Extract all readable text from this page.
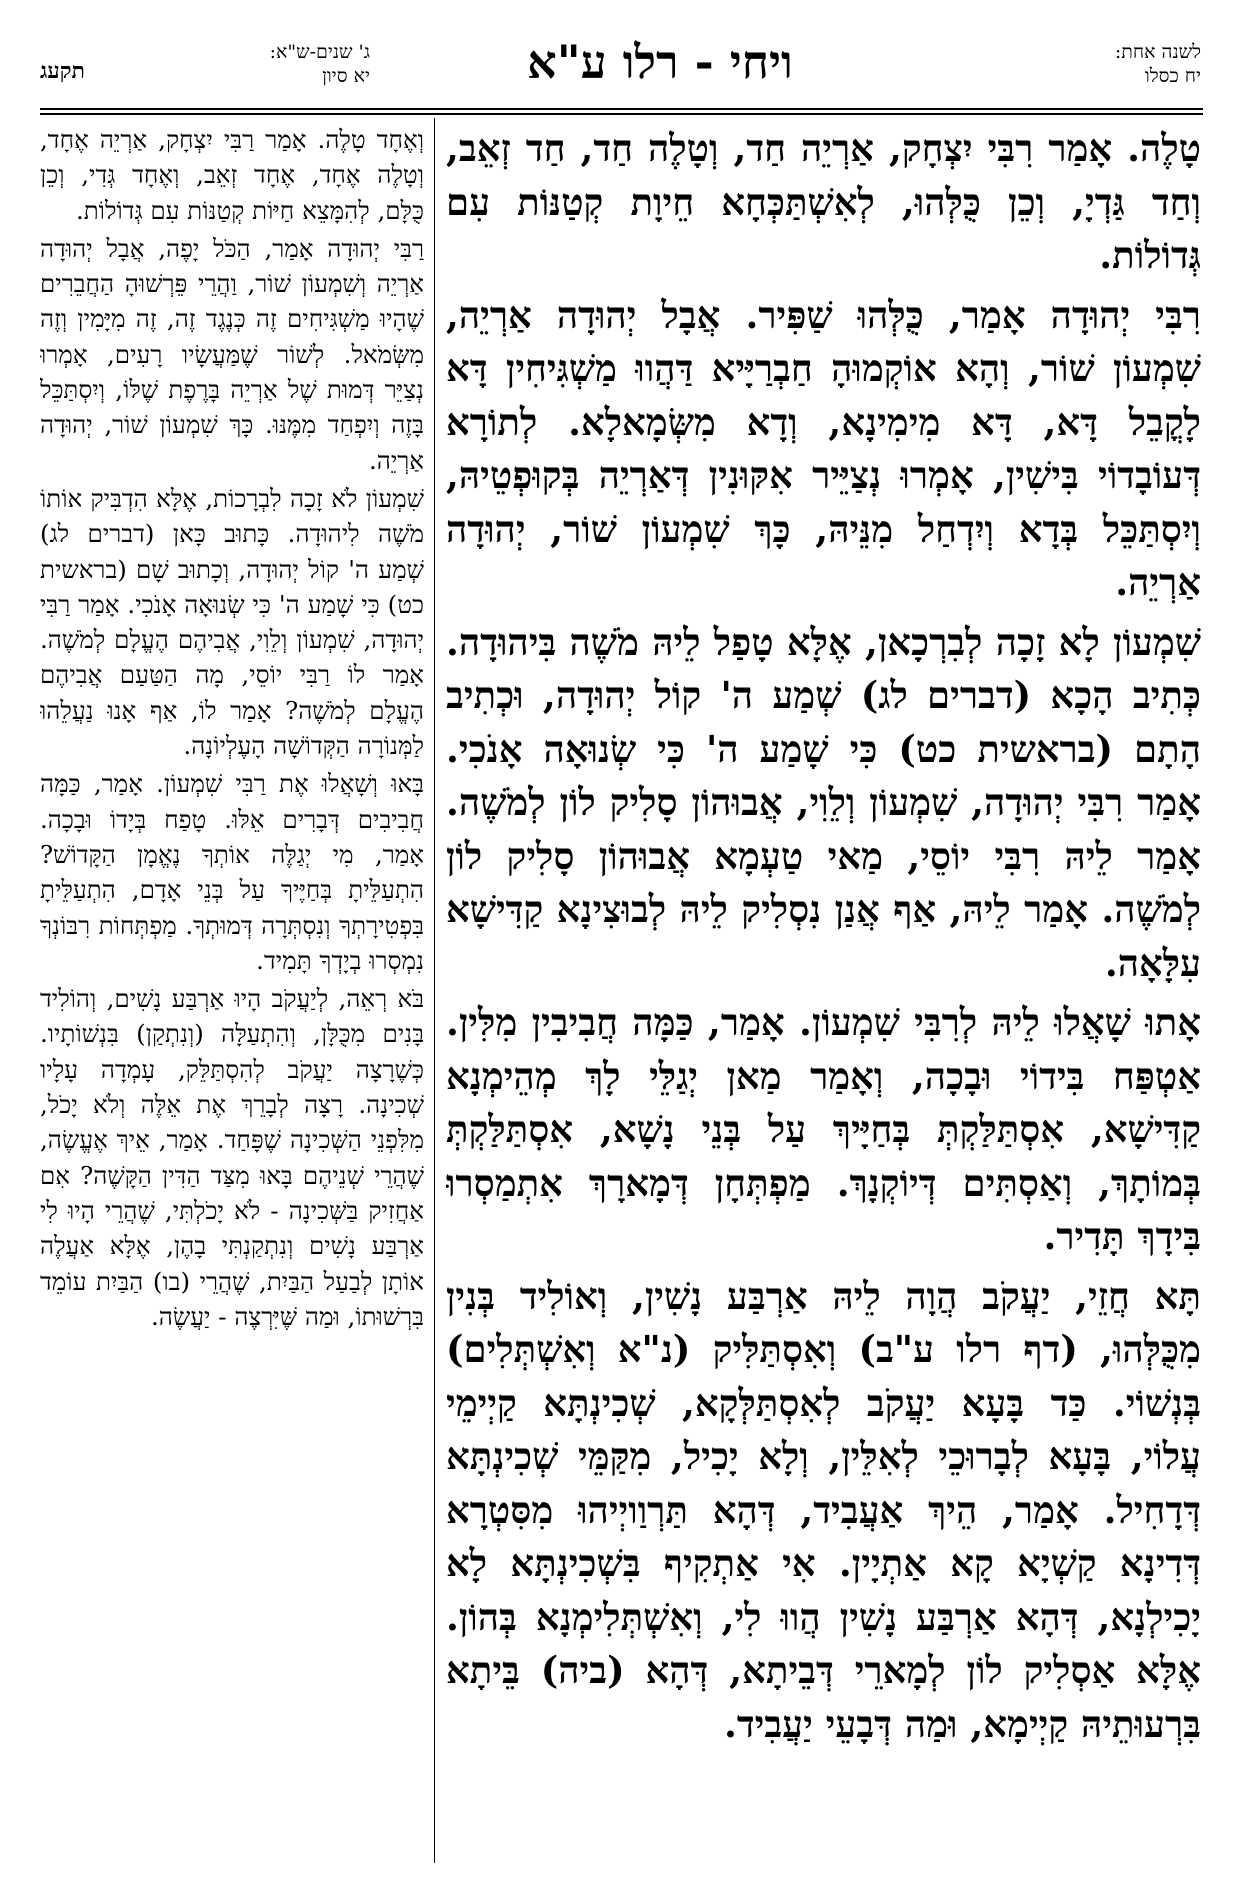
לשנה אחת:
יח כסלו
ויחי - רלו ע"א
תקעג
ג' שנים-ש"א:
יא סיון

טָלֶה. אָמַר רִבִּי יִצְחָק, אַרְיֵה חַד, וְטָלֶה חַד, חַד זְאֵב, וְחַד גַּדְיָ, וְכֵן כֻּלְּהוּ, לְאִשְׁתַּכְּחָא חֵיוָת קְטַנּוֹת עִם גְּדוֹלוֹת.

רִבִּי יְהוּדָה אָמַר, כֻּלְּהוּ שַׁפִּיר. אֲבָל יְהוּדָה אַרְיֵה, שִׁמְעוֹן שׁוֹר, וְהָא אוֹקְמוּהָ חַבְרַיָּיא דַּהֲווּ מַשְׁגִּיחִין דָּא לָקֳבֵל דָּא, דָּא מִימִינָא, וְדָא מִשְּׂמָאלָא. לְתוֹרָא דְּעוֹבָדוֹי בִּישִׁין, אָמְרוּ נְצַיֵּיר אִקּוּנִין דְּאַרְיֵה בְּקוּפְטֵיהּ, וְיִסְתַּכֵּל בְּדָא וְיִדְחַל מִנֵּיהּ, כָּךְ שִׁמְעוֹן שׁוֹר, יְהוּדָה אַרְיֵה.

שִׁמְעוֹן לָא זָכָה לְבִרְכָאן, אֶלָּא טָפַל לֵיהּ מֹשֶׁה בִּיהוּדָה. כְּתִיב הָכָא (דברים לג) שְׁמַע ה' קוֹל יְהוּדָה, וּכְתִיב הָתָם (בראשית כט) כִּי שָׁמַע ה' כִּי שְׂנוּאָה אָנֹכִי. אָמַר רִבִּי יְהוּדָה, שִׁמְעוֹן וְלֵוִי, אֲבוּהוֹן סָלִיק לוֹן לְמֹשֶׁה. אָמַר לֵיהּ רִבִּי יוֹסֵי, מַאי טַעְמָא אֲבוּהוֹן סָלִיק לוֹן לְמֹשֶׁה. אָמַר לֵיהּ, אַף אֲנַן נִסְלִיק לֵיהּ לְבוּצִינָא קַדִּישָׁא עִלָּאָה.

אָתוּ שָׁאֲלוּ לֵיהּ לְרִבִּי שִׁמְעוֹן. אָמַר, כַּמָּה חֲבִיבִין מִלִּין. אַטְפַּח בִּידוֹי וּבָכָה, וְאָמַר מַאן יְגַלֵּי לָךְ מְהֵימְנָא קַדִּישָׁא, אִסְתַּלַּקְתְּ בְּחַיָּיךְ עַל בְּנֵי נָשָׁא, אִסְתַּלַּקְתְּ בְּמוֹתָךְ, וְאַסְתִּים דְּיוֹקְנָךְ. מַפְתְּחָן דְּמָארָךְ אִתְמַסְרוּ בִּידָךְ תָּדִיר.

תָּא חֲזֵי, יַעֲקֹב הֲוָה לֵיהּ אַרְבַּע נָשִׁין, וְאוֹלִיד בְּנִין מִכֻּלְּהוּ, (דף רלו ע"ב) וְאִסְתַּלִּיק (נ"א וְאִשְׁתְּלִים) בְּנְשׁוֹי. כַּד בָּעָא יַעֲקֹב לְאִסְתַּלְּקָא, שְׁכִינְתָּא קַיְימֵי עֲלוֹי, בָּעָא לְבָרוּכֵי לְאִלֵּין, וְלָא יָכִיל, מִקַּמֵּי שְׁכִינְתָּא דְּדָחִיל. אָמַר, הֵיךְ אַעֲבִיד, דְּהָא תַּרְוַויְיהוּ מִסִּטְרָא דְּדִינָא קַשְׁיָא קָא אַתְיָין. אִי אַתְקִיף בִּשְׁכִינְתָּא לָא יָכִילְנָא, דְּהָא אַרְבַּע נָשִׁין הֲווּ לִי, וְאִשְׁתְּלִימְנָא בְּהוֹן. אֶלָּא אַסְלִיק לוֹן לְמָארֵי דְּבֵיתָא, דְּהָא (ביה) בֵּיתָא בִּרְעוּתֵיהּ קַיְימָא, וּמַה דְּבָעֵי יַעֲבִיד.

וְאֶחָד טָלֶה. אָמַר רַבִּי יִצְחָק, אַרְיֵה אֶחָד, וְטָלֶה אֶחָד, אֶחָד זְאֵב, וְאֶחָד גְּדִי, וְכֵן כֻּלָּם, לְהִמָּצֵא חַיּוֹת קְטַנּוֹת עִם גְּדוֹלוֹת.

רַבִּי יְהוּדָה אָמַר, הַכֹּל יָפֶה, אֲבָל יְהוּדָה אַרְיֵה וְשִׁמְעוֹן שׁוֹר, וַהֲרֵי פֵּרְשׁוּהָ הַחֲבֵרִים שֶׁהָיוּ מַשְׁגִּיחִים זֶה כְּנֶגֶד זֶה, זֶה מִיָּמִין וְזֶה מִשְּׂמֹאל. לְשׁוֹר שֶׁמַּעֲשָׂיו רָעִים, אָמְרוּ נְצַיֵּר דְּמוּת שֶׁל אַרְיֵה בָּרֶפֶת שֶׁלּוֹ, וְיִסְתַּכֵּל בָּזֶה וְיִפְחַד מִמֶּנּוּ. כָּךְ שִׁמְעוֹן שׁוֹר, יְהוּדָה אַרְיֵה.

שִׁמְעוֹן לֹא זָכָה לִבְרָכוֹת, אֶלָּא הִדְבִּיק אוֹתוֹ מֹשֶׁה לִיהוּדָה. כָּתוּב כָּאן (דברים לג) שְׁמַע ה' קוֹל יְהוּדָה, וְכָתוּב שָׁם (בראשית כט) כִּי שָׁמַע ה' כִּי שְׂנוּאָה אָנֹכִי. אָמַר רַבִּי יְהוּדָה, שִׁמְעוֹן וְלֵוִי, אֲבִיהֶם הֶעֱלָם לְמֹשֶׁה. אָמַר לוֹ רַבִּי יוֹסֵי, מָה הַטַּעַם אֲבִיהֶם הֶעֱלָם לְמֹשֶׁה? אָמַר לוֹ, אַף אָנוּ נַעֲלֵהוּ לַמְּנוֹרָה הַקְּדוֹשָׁה הָעֶלְיוֹנָה.

בָּאוּ וְשָׁאֲלוּ אֶת רַבִּי שִׁמְעוֹן. אָמַר, כַּמָּה חֲבִיבִים דְּבָרִים אֵלּוּ. טָפַח בְּיָדוֹ וּבָכָה. אָמַר, מִי יְגַלֶּה אוֹתְךָ נֶאֱמָן הַקָּדוֹשׁ? הִתְעַלֵּיתָ בְּחַיֶּיךָ עַל בְּנֵי אָדָם, הִתְעַלֵּיתָ בִּפְטִירָתְךָ וְנִסְתְּרָה דְּמוּתְךָ. מַפְתְּחוֹת רִבּוֹנְךָ נִמְסְרוּ בְיָדְךָ תָּמִיד.

בֹּא רְאֵה, לְיַעֲקֹב הָיוּ אַרְבַּע נָשִׁים, וְהוֹלִיד בָּנִים מִכֻּלָּן, וְהִתְעַלָּה (וְנִתְקַן) בִּנְשׁוֹתָיו. כְּשֶׁרָצָה יַעֲקֹב לְהִסְתַּלֵּק, עָמְדָה עָלָיו שְׁכִינָה. רָצָה לְבָרֵךְ אֶת אֵלֶּה וְלֹא יָכֹל, מִלִּפְנֵי הַשְּׁכִינָה שֶׁפָּחַד. אָמַר, אֵיךְ אֶעֱשֶׂה, שֶׁהֲרֵי שְׁנֵיהֶם בָּאוּ מִצַּד הַדִּין הַקָּשֶׁה? אִם אַחֲזִיק בַּשְּׁכִינָה - לֹא יָכֹלְתִּי, שֶׁהֲרֵי הָיוּ לִי אַרְבַּע נָשִׁים וְנִתְקַנְתִּי בָהֶן, אֶלָּא אַעֲלֶה אוֹתָן לְבַעַל הַבַּיִת, שֶׁהֲרֵי (בו) הַבַּיִת עוֹמֵד בִּרְשׁוּתוֹ, וּמַה שֶּׁיִּרְצֶה - יַעֲשֶׂה.
